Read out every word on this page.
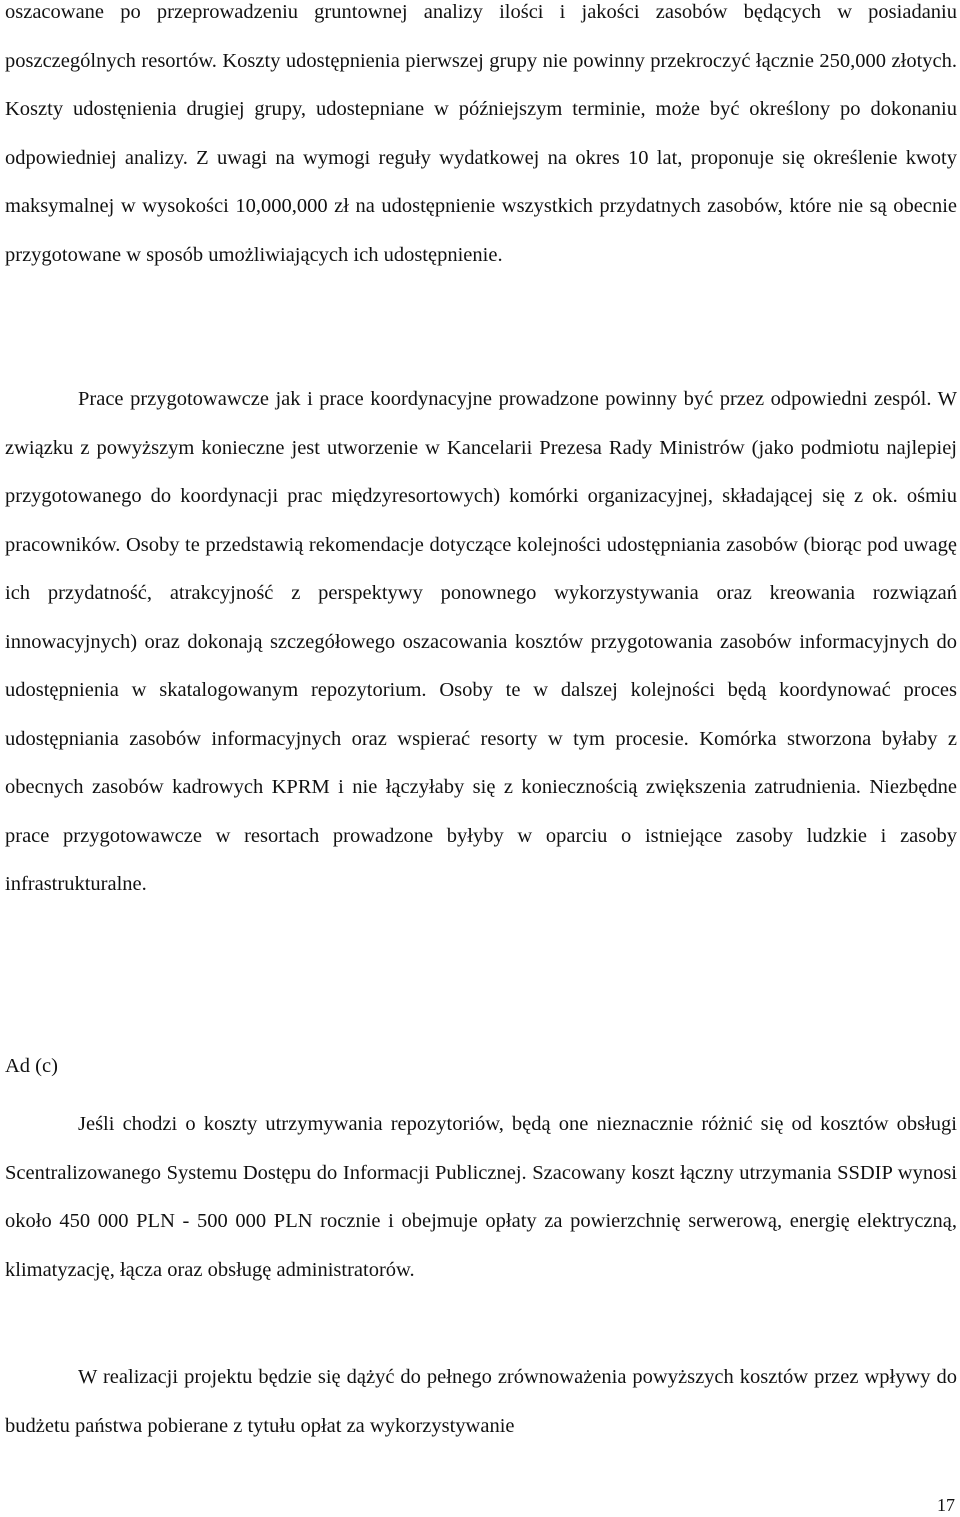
oszacowane po przeprowadzeniu gruntownej analizy ilości i jakości zasobów będących w posiadaniu poszczególnych resortów. Koszty udostępnienia pierwszej grupy nie powinny przekroczyć łącznie 250,000 złotych. Koszty udostęnienia drugiej grupy, udostepniane w późniejszym terminie, może być określony po dokonaniu odpowiedniej analizy. Z uwagi na wymogi reguły wydatkowej na okres 10 lat, proponuje się określenie kwoty maksymalnej w wysokości 10,000,000 zł na udostępnienie wszystkich przydatnych zasobów, które nie są obecnie przygotowane w sposób umożliwiających ich udostępnienie.

Prace przygotowawcze jak i prace koordynacyjne prowadzone powinny być przez odpowiedni zespól. W związku z powyższym konieczne jest utworzenie w Kancelarii Prezesa Rady Ministrów (jako podmiotu najlepiej przygotowanego do koordynacji prac międzyresortowych) komórki organizacyjnej, składającej się z ok. ośmiu pracowników. Osoby te przedstawią rekomendacje dotyczące kolejności udostępniania zasobów (biorąc pod uwagę ich przydatność, atrakcyjność z perspektywy ponownego wykorzystywania oraz kreowania rozwiązań innowacyjnych) oraz dokonają szczegółowego oszacowania kosztów przygotowania zasobów informacyjnych do udostępnienia w skatalogowanym repozytorium. Osoby te w dalszej kolejności będą koordynować proces udostępniania zasobów informacyjnych oraz wspierać resorty w tym procesie. Komórka stworzona byłaby z obecnych zasobów kadrowych KPRM i nie łączyłaby się z koniecznością zwiększenia zatrudnienia. Niezbędne prace przygotowawcze w resortach prowadzone byłyby w oparciu o istniejące zasoby ludzkie i zasoby infrastrukturalne.

Ad (c)

Jeśli chodzi o koszty utrzymywania repozytoriów, będą one nieznacznie różnić się od kosztów obsługi Scentralizowanego Systemu Dostępu do Informacji Publicznej. Szacowany koszt łączny utrzymania SSDIP wynosi około 450 000 PLN - 500 000 PLN rocznie i obejmuje opłaty za powierzchnię serwerową, energię elektryczną, klimatyzację, łącza oraz obsługę administratorów.

W realizacji projektu będzie się dążyć do pełnego zrównoważenia powyższych kosztów przez wpływy do budżetu państwa pobierane z tytułu opłat za wykorzystywanie

17
